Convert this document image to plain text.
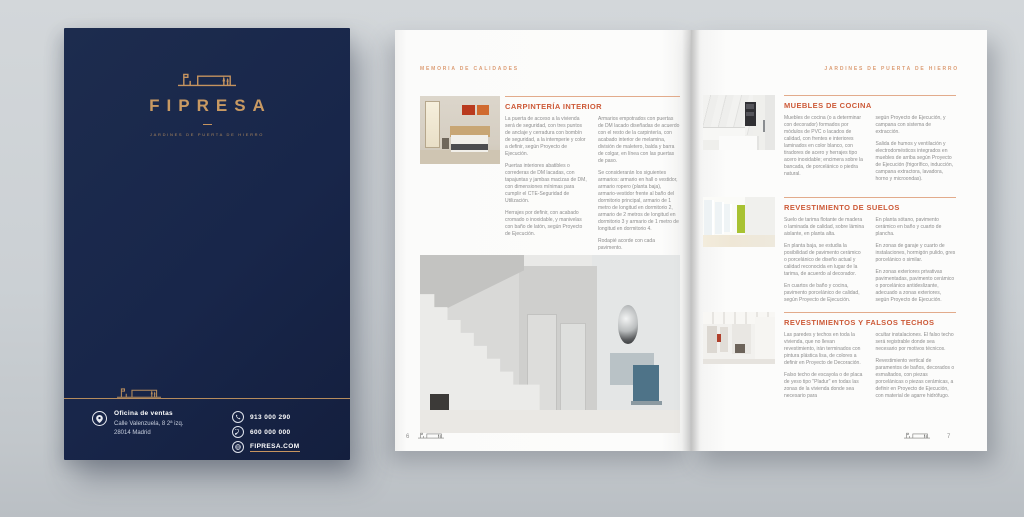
FIPRESA
JARDINES DE PUERTA DE HIERRO
Oficina de ventas
Calle Valenzuela, 8 2ª izq.
28014 Madrid
913 000 290
600 000 000
FIPRESA.COM
MEMORIA DE CALIDADES
CARPINTERÍA INTERIOR

La puerta de acceso a la vivienda será de seguridad, con tres puntos de anclaje y cerradura con bombín de seguridad, a la intemperie y color a definir, según Proyecto de Ejecución.

Puertas interiores abatibles o correderas de DM lacadas, con tapajuntas y jambas macizas de DM, con dimensiones mínimas para cumplir el CTE-Seguridad de Utilización.

Herrajes por definir, con acabado cromado o inoxidable, y manivelas con baño de latón, según Proyecto de Ejecución.

Armarios empotrados con puertas de DM lacado diseñadas de acuerdo con el resto de la carpintería, con acabado interior de melamina, división de maletero, balda y barra de colgar, en línea con las puertas de paso.

Se considerarán los siguientes armarios: armario en hall o vestidor, armario ropero (planta baja), armario-vestidor frente al baño del dormitorio principal, armario de 1 metro de longitud en dormitorio 2, armario de 2 metros de longitud en dormitorio 3 y armario de 1 metro de longitud en dormitorio 4.

Rodapié acorde con cada pavimento.

6
JARDINES DE PUERTA DE HIERRO
MUEBLES DE COCINA

Muebles de cocina (o a determinar con decorador) formados por módulos de PVC o lacados de calidad, con frentes e interiores laminados en color blanco, con tiradores de acero y herrajes tipo acero inoxidable; encimera sobre la bancada, de porcelánico o piedra natural.

según Proyecto de Ejecución, y campana con sistema de extracción.

Salida de humos y ventilación y electrodomésticos integrados en muebles de arriba según Proyecto de Ejecución (frigorífico, inducción, campana extractora, lavadora, horno y microondas).

REVESTIMIENTO DE SUELOS

Suelo de tarima flotante de madera o laminada de calidad, sobre lámina aislante, en planta alta.

En planta baja, se estudia la posibilidad de pavimento cerámico o porcelánico de diseño actual y calidad reconocida en lugar de la tarima, de acuerdo al decorador.

En cuartos de baño y cocina, pavimento porcelánico de calidad, según Proyecto de Ejecución.

En planta sótano, pavimento cerámico en baño y cuarto de plancha.

En zonas de garaje y cuarto de instalaciones, hormigón pulido, gres porcelánico o similar.

En zonas exteriores privativas pavimentadas, pavimento cerámico o porcelánico antideslizante, adecuado a zonas exteriores, según Proyecto de Ejecución.

REVESTIMIENTOS Y FALSOS TECHOS

Las paredes y techos en toda la vivienda, que no llevan revestimiento, irán terminados con pintura plástica lisa, de colores a definir en Proyecto de Decoración.

Falso techo de escayola o de placa de yeso tipo "Pladur" en todas las zonas de la vivienda donde sea necesario para

ocultar instalaciones. El falso techo será registrable donde sea necesario por motivos técnicos.

Revestimiento vertical de paramentos de baños, decorados o esmaltados, con piezas porcelánicas o piezas cerámicas, a definir en Proyecto de Ejecución, con material de agarre hidrófugo.

7
